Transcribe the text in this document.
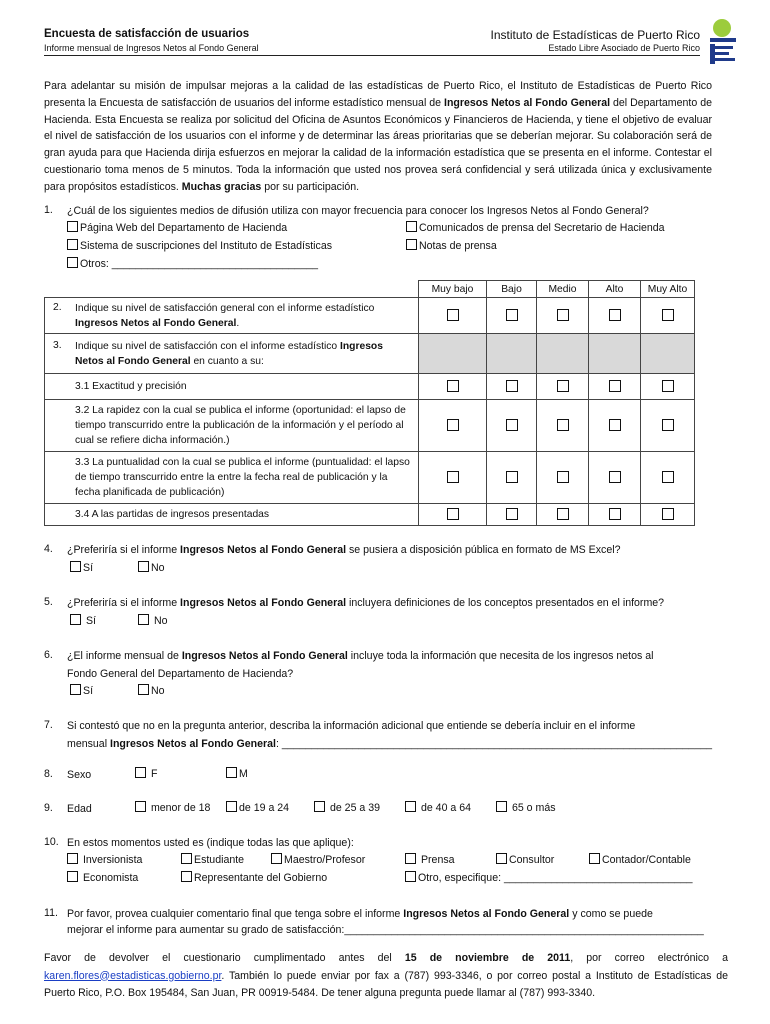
Encuesta de satisfacción de usuarios
Informe mensual de Ingresos Netos al Fondo General
Instituto de Estadísticas de Puerto Rico
Estado Libre Asociado de Puerto Rico
Para adelantar su misión de impulsar mejoras a la calidad de las estadísticas de Puerto Rico, el Instituto de Estadísticas de Puerto Rico presenta la Encuesta de satisfacción de usuarios del informe estadístico mensual de Ingresos Netos al Fondo General del Departamento de Hacienda. Esta Encuesta se realiza por solicitud del Oficina de Asuntos Económicos y Financieros de Hacienda, y tiene el objetivo de evaluar el nivel de satisfacción de los usuarios con el informe y de determinar las áreas prioritarias que se deberían mejorar. Su colaboración será de gran ayuda para que Hacienda dirija esfuerzos en mejorar la calidad de la información estadística que se presenta en el informe. Contestar el cuestionario toma menos de 5 minutos. Toda la información que usted nos provea será confidencial y será utilizada única y exclusivamente para propósitos estadísticos. Muchas gracias por su participación.
1. ¿Cuál de los siguientes medios de difusión utiliza con mayor frecuencia para conocer los Ingresos Netos al Fondo General?
Página Web del Departamento de Hacienda	Comunicados de prensa del Secretario de Hacienda
Sistema de suscripciones del Instituto de Estadísticas	Notas de prensa
Otros: ___________________________________
	Muy bajo	Bajo	Medio	Alto	Muy Alto

2. Indique su nivel de satisfacción general con el informe estadístico
Ingresos Netos al Fondo General.					

3. Indique su nivel de satisfacción con el informe estadístico Ingresos Netos al Fondo General en cuanto a su:					
3.1 Exactitud y precisión					
3.2 La rapidez con la cual se publica el informe (oportunidad: el lapso de tiempo transcurrido entre la publicación de la información y el período al cual se refiere dicha información.)					
3.3 La puntualidad con la cual se publica el informe (puntualidad: el lapso de tiempo transcurrido entre la entre la fecha real de publicación y la fecha planificada de publicación)					
3.4 A las partidas de ingresos presentadas					
4. ¿Preferiría si el informe Ingresos Netos al Fondo General se pusiera a disposición pública en formato de MS Excel?
Sí	No
5. ¿Preferiría si el informe Ingresos Netos al Fondo General incluyera definiciones de los conceptos presentados en el informe?
Sí	No
6. ¿El informe mensual de Ingresos Netos al Fondo General incluye toda la información que necesita de los ingresos netos al
Fondo General del Departamento de Hacienda?
Sí	No
7. Si contestó que no en la pregunta anterior, describa la información adicional que entiende se debería incluir en el informe
mensual Ingresos Netos al Fondo General: _________________________________________________________________________
8. Sexo	F	M
9. Edad	menor de 18	de 19 a 24	de 25 a 39	de 40 a 64	65 o más
10. En estos momentos usted es (indique todas las que aplique):
Inversionista	Estudiante	Maestro/Profesor	Prensa	Consultor	Contador/Contable
Economista	Representante del Gobierno	Otro, especifique: ________________________________
11. Por favor, provea cualquier comentario final que tenga sobre el informe Ingresos Netos al Fondo General y como se puede
mejorar el informe para aumentar su grado de satisfacción:_____________________________________________________________
Favor de devolver el cuestionario cumplimentado antes del 15 de noviembre de 2011, por correo electrónico a karen.flores@estadisticas.gobierno.pr. También lo puede enviar por fax a (787) 993-3346, o por correo postal a Instituto de Estadísticas de Puerto Rico, P.O. Box 195484, San Juan, PR 00919-5484. De tener alguna pregunta puede llamar al (787) 993-3340.
